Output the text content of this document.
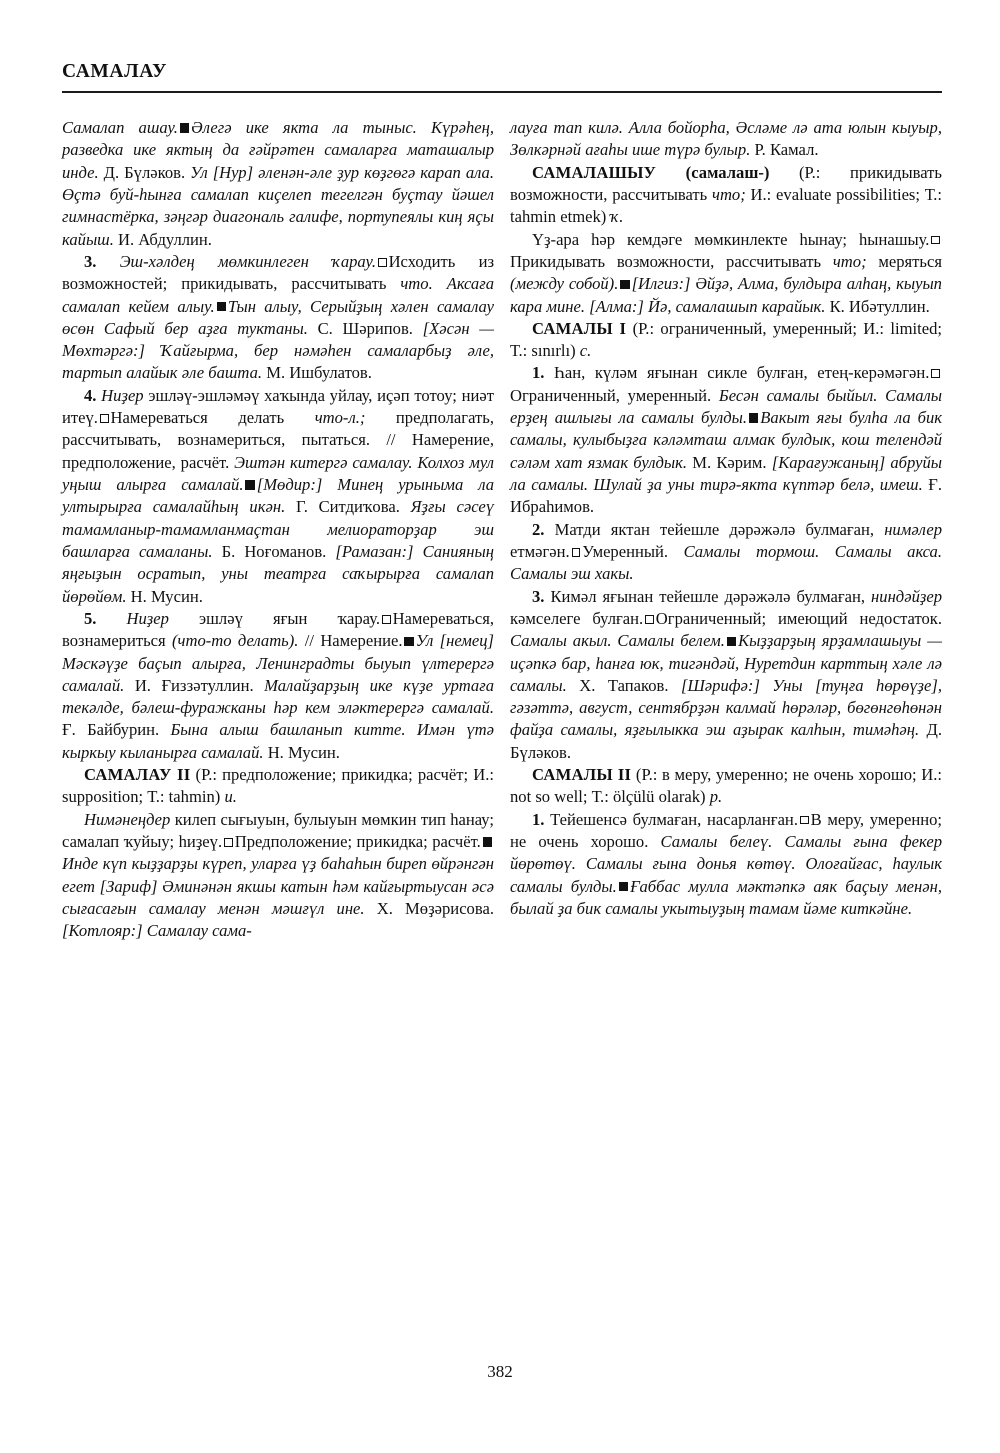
САМАЛАУ

Самалап ашау. Әлегә ике якта ла тыныс. Күрәһең, разведка ике яктың да ғәйрәтен самаларға маташалыр инде. Д. Бүләков. Ул [Нур] әленән-әле ҙур көҙгөгә карап ала. Өçтә буй-һынға самалап киçелеп тегелгән буçтау йәшел гимнастёрка, зәңгәр диагональ галифе, портупеялы киң яçы кайыш. И. Абдуллин.

3. Эш-хәлдең мөмкинлеген ҡарау. Исходить из возможностей; прикидывать, рассчитывать что. Аксаға самалап кейем алыу. Тын алыу, Серыйҙың хәлен самалау өсөн Сафый бер аҙға туктаны. С. Шәрипов. [Хәсән — Мөхтәргә:] Ҡайғырма, бер нәмәһен самаларбыҙ әле, тартып алайык әле башта. М. Ишбулатов.

4. Ниҙер эшләү-эшләмәү хаҡында уйлау, иçәп тотоу; ниәт итеү. Намереваться делать что-л.; предполагать, рассчитывать, вознамериться, пытаться. // Намерение, предположение, расчёт. Эштән китергә самалау. Колхоз мул уңыш алырға самалай. [Мөдир:] Минең урыныма ла ултырырға самалайһың икән. Г. Ситдиҡова. Яҙғы сәсеү тамамланыр-тамамланмаçтан мелиораторҙар эш башларға самаланы. Б. Ноғоманов. [Рамазан:] Санияның яңғыҙын осратып, уны театрға саҡырырға самалап йөрөйөм. Н. Мусин.

5. Ниҙер эшләү яғын ҡарау. Намереваться, вознамериться (что-то делать). // Намерение. Ул [немец] Мәскәүҙе баçып алырға, Ленинградты быуып үлтерергә самалай. И. Ғиззәтуллин. Малайҙарҙың ике күҙе уртаға текәлде, бәлеш-фуражканы һәр кем эләктерергә самалай. Ғ. Байбурин. Бына алыш башланып китте. Имән үтә кыркыу кыланырға самалай. Н. Мусин.

САМАЛАУ II (Р.: предположение; прикидка; расчёт; И.: supposition; Т.: tahmin) и.

Нимәнеңдер килеп сығыуын, булыуын мөмкин тип һанау; самалап ҡуйыу; һиҙеү. Предположение; прикидка; расчёт.Инде күп кыҙҙарҙы күреп, уларға үҙ баһаһын биреп өйрәнгән егет [Зариф] Әминәнән якшы катын һәм кайғыртыусан әсә сығасағын самалау менән мәшғүл ине. Х. Мөҙәрисова. [Котлояр:] Самалау сама-

лауға тап килә. Алла бойорһа, Әсләме лә ата юлын кыуыр, Зөлкәрнәй ағаһы ише түрә булыр. Р. Камал.

САМАЛАШЫУ (самалаш-) (Р.: прикидывать возможности, рассчитывать что; И.: evaluate possibilities; Т.: tahmin etmek) ҡ.

Үҙ-ара һәр кемдәге мөмкинлекте һынау; һынашыу.Прикидывать возможности, рассчитывать что; меряться (между собой). [Илгиз:] Әйҙә, Алма, булдыра алһаң, кыуып кара мине. [Алма:] Йә, самалашып карайык. К. Ибәтуллин.

САМАЛЫ I (Р.: ограниченный, умеренный; И.: limited; Т.: sınırlı) с.

1. Һан, күләм яғынан сикле булған, етең-керәмәгән.Ограниченный, умеренный. Бесән самалы быйыл. Самалы ерҙең ашлығы ла самалы булды. Вакыт яғы булһа ла бик самалы, кулыбыҙға кәләмташ алмак булдык, кош телендәй сәләм хат язмак булдык. М. Кәрим. [Карағужаның] абруйы ла самалы. Шулай ҙа уны тирә-якта күптәр белә, имеш. Ғ. Ибраһимов.

2. Матди яктан тейешле дәрәжәлә булмаған, нимәлер етмәгән. Умеренный. Самалы тормош. Самалы акса. Самалы эш хакы.

3. Кимәл яғынан тейешле дәрәжәлә булмаған, ниндәйҙер кәмселеге булған. Ограниченный; имеющий недостаток. Самалы акыл. Самалы белем. Кыҙҙарҙың ярҙамлашыуы — иçәпкә бар, һанға юк, тигәндәй, Нуретдин карттың хәле лә самалы. Х. Тапаков. [Шәрифә:] Уны [туңға һөрөүҙе], гәзәттә, август, сентябрҙән калмай һөрәләр, бөгөнгөһөнән файҙа самалы, яҙғылыкка эш аҙырак калһын, тимәһәң. Д. Бүләков.

САМАЛЫ II (Р.: в меру, умеренно; не очень хорошо; И.: not so well; Т.: ölçülü olarak) р.

1. Тейешенсә булмаған, насарланған. В меру, умеренно; не очень хорошо. Самалы белеү. Самалы ғына фекер йөрөтөү. Самалы ғына донья көтөү. Олоғайғас, һаулык самалы булды. Ғаббас мулла мәктәпкә аяк баçыу менән, былай ҙа бик самалы укытыуҙың тамам йәме киткәйне.

382
